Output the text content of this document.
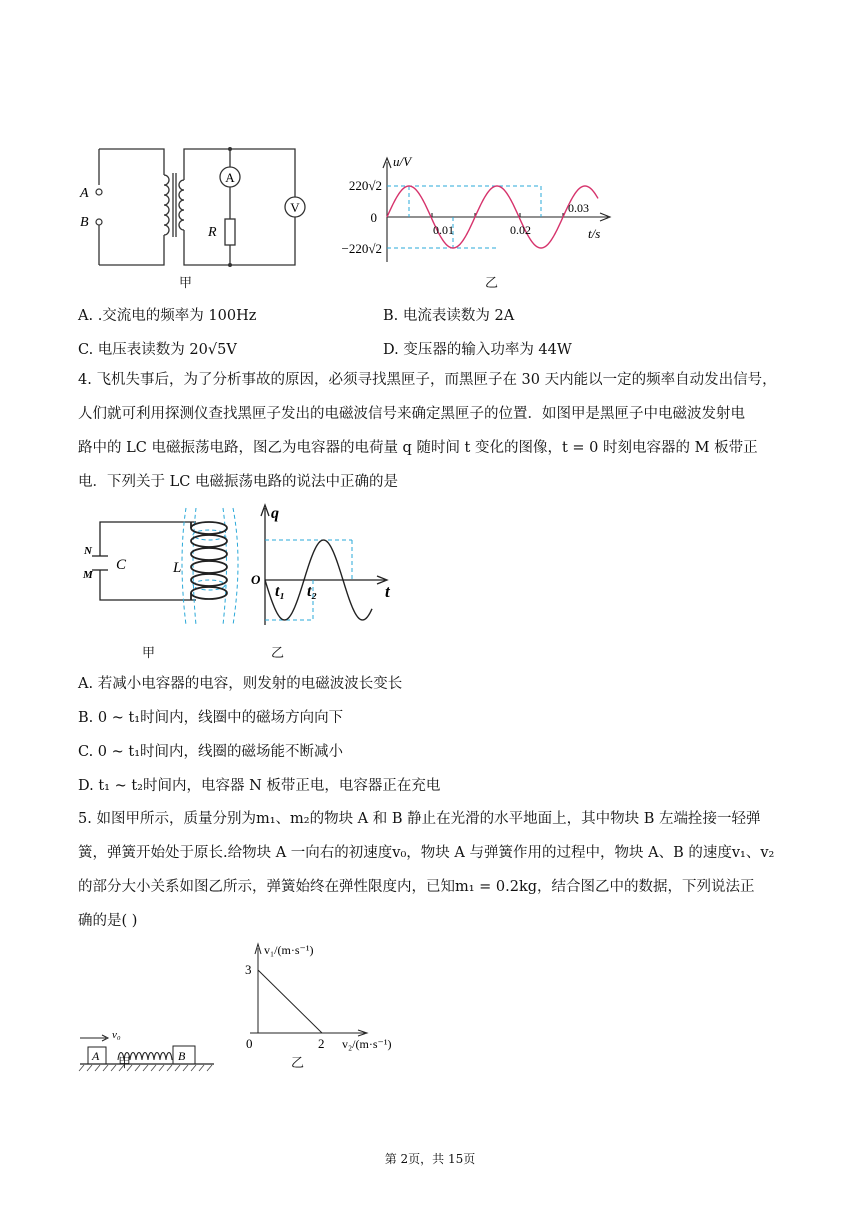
A
B
A
V
R
甲
u/V
t/s
220√2
−220√2
0
0.01	0.02
0.03
乙
A. .交流电的频率为 100Hz	B. 电流表读数为 2A
C. 电压表读数为 20√5V	D. 变压器的输入功率为 44W
4. 飞机失事后，为了分析事故的原因，必须寻找黑匣子，而黑匣子在 30 天内能以一定的频率自动发出信号，
人们就可利用探测仪查找黑匣子发出的电磁波信号来确定黑匣子的位置．如图甲是黑匣子中电磁波发射电
路中的 LC 电磁振荡电路，图乙为电容器的电荷量 q 随时间 t 变化的图像，t = 0 时刻电容器的 M 板带正
电．下列关于 LC 电磁振荡电路的说法中正确的是
N
M
C	L
甲
q
t
O
t₁ t₂
乙
A. 若减小电容器的电容，则发射的电磁波波长变长
B. 0 ~ t₁时间内，线圈中的磁场方向向下
C. 0 ~ t₁时间内，线圈的磁场能不断减小
D. t₁ ~ t₂时间内，电容器 N 板带正电，电容器正在充电
5. 如图甲所示，质量分别为m₁、m₂的物块 A 和 B 静止在光滑的水平地面上，其中物块 B 左端拴接一轻弹
簧，弹簧开始处于原长.给物块 A 一向右的初速度v₀，物块 A 与弹簧作用的过程中，物块 A、B 的速度v₁、v₂
的部分大小关系如图乙所示，弹簧始终在弹性限度内，已知m₁ = 0.2kg，结合图乙中的数据，下列说法正
确的是( )
v₀
A	B
甲
v₁/(m·s⁻¹)
v₂/(m·s⁻¹)
3
2
0
乙
第 2页，共 15页
